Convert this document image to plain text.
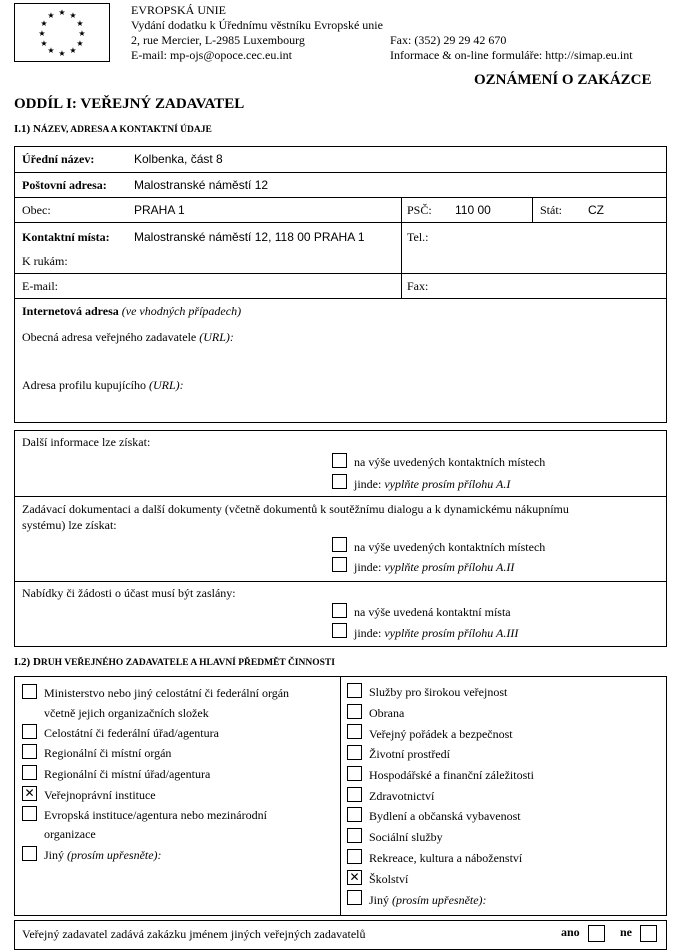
★ ★
★
★
★
★
★
★
★
★
★
★	EVROPSKÁ UNIE
Vydání dodatku k Úřednímu věstníku Evropské unie
2, rue Mercier, L-2985 Luxembourg	Fax: (352) 29 29 42 670
E-mail: mp-ojs@opoce.cec.eu.int	Informace & on-line formuláře: http://simap.eu.int
OZNÁMENÍ O ZAKÁZCE
ODDÍL I: VEŘEJNÝ ZADAVATEL
I.1) NÁZEV, ADRESA A KONTAKTNÍ ÚDAJE
Úřední název:	Kolbenka, část 8
Poštovní adresa: Malostranské náměstí 12
Obec:	PRAHA 1	PSČ: 110 00	Stát: CZ
Kontaktní místa: Malostranské náměstí 12, 118 00 PRAHA 1	Tel.:
K rukám:
E-mail:	Fax:
Internetová adresa (ve vhodných případech)
Obecná adresa veřejného zadavatele (URL):
Adresa profilu kupujícího (URL):
Další informace lze získat:
na výše uvedených kontaktních místech
jinde: vyplňte prosím přílohu A.I
Zadávací dokumentaci a další dokumenty (včetně dokumentů k soutěžnímu dialogu a k dynamickému nákupnímu
systému) lze získat:
na výše uvedených kontaktních místech
jinde: vyplňte prosím přílohu A.II
Nabídky či žádosti o účast musí být zaslány:
na výše uvedená kontaktní místa
jinde: vyplňte prosím přílohu A.III
I.2) DRUH VEŘEJNÉHO ZADAVATELE A HLAVNÍ PŘEDMĚT ČINNOSTI
Ministerstvo nebo jiný celostátní či federální orgán
včetně jejich organizačních složek
Celostátní či federální úřad/agentura
Regionální či místní orgán
Regionální či místní úřad/agentura
✕ Veřejnoprávní instituce
Evropská instituce/agentura nebo mezinárodní
organizace
Jiný (prosím upřesněte):
Služby pro širokou veřejnost
Obrana
Veřejný pořádek a bezpečnost
Životní prostředí
Hospodářské a finanční záležitosti
Zdravotnictví
Bydlení a občanská vybavenost
Sociální služby
Rekreace, kultura a náboženství
✕ Školství
Jiný (prosím upřesněte):
Veřejný zadavatel zadává zakázku jménem jiných veřejných zadavatelů	ano	ne
